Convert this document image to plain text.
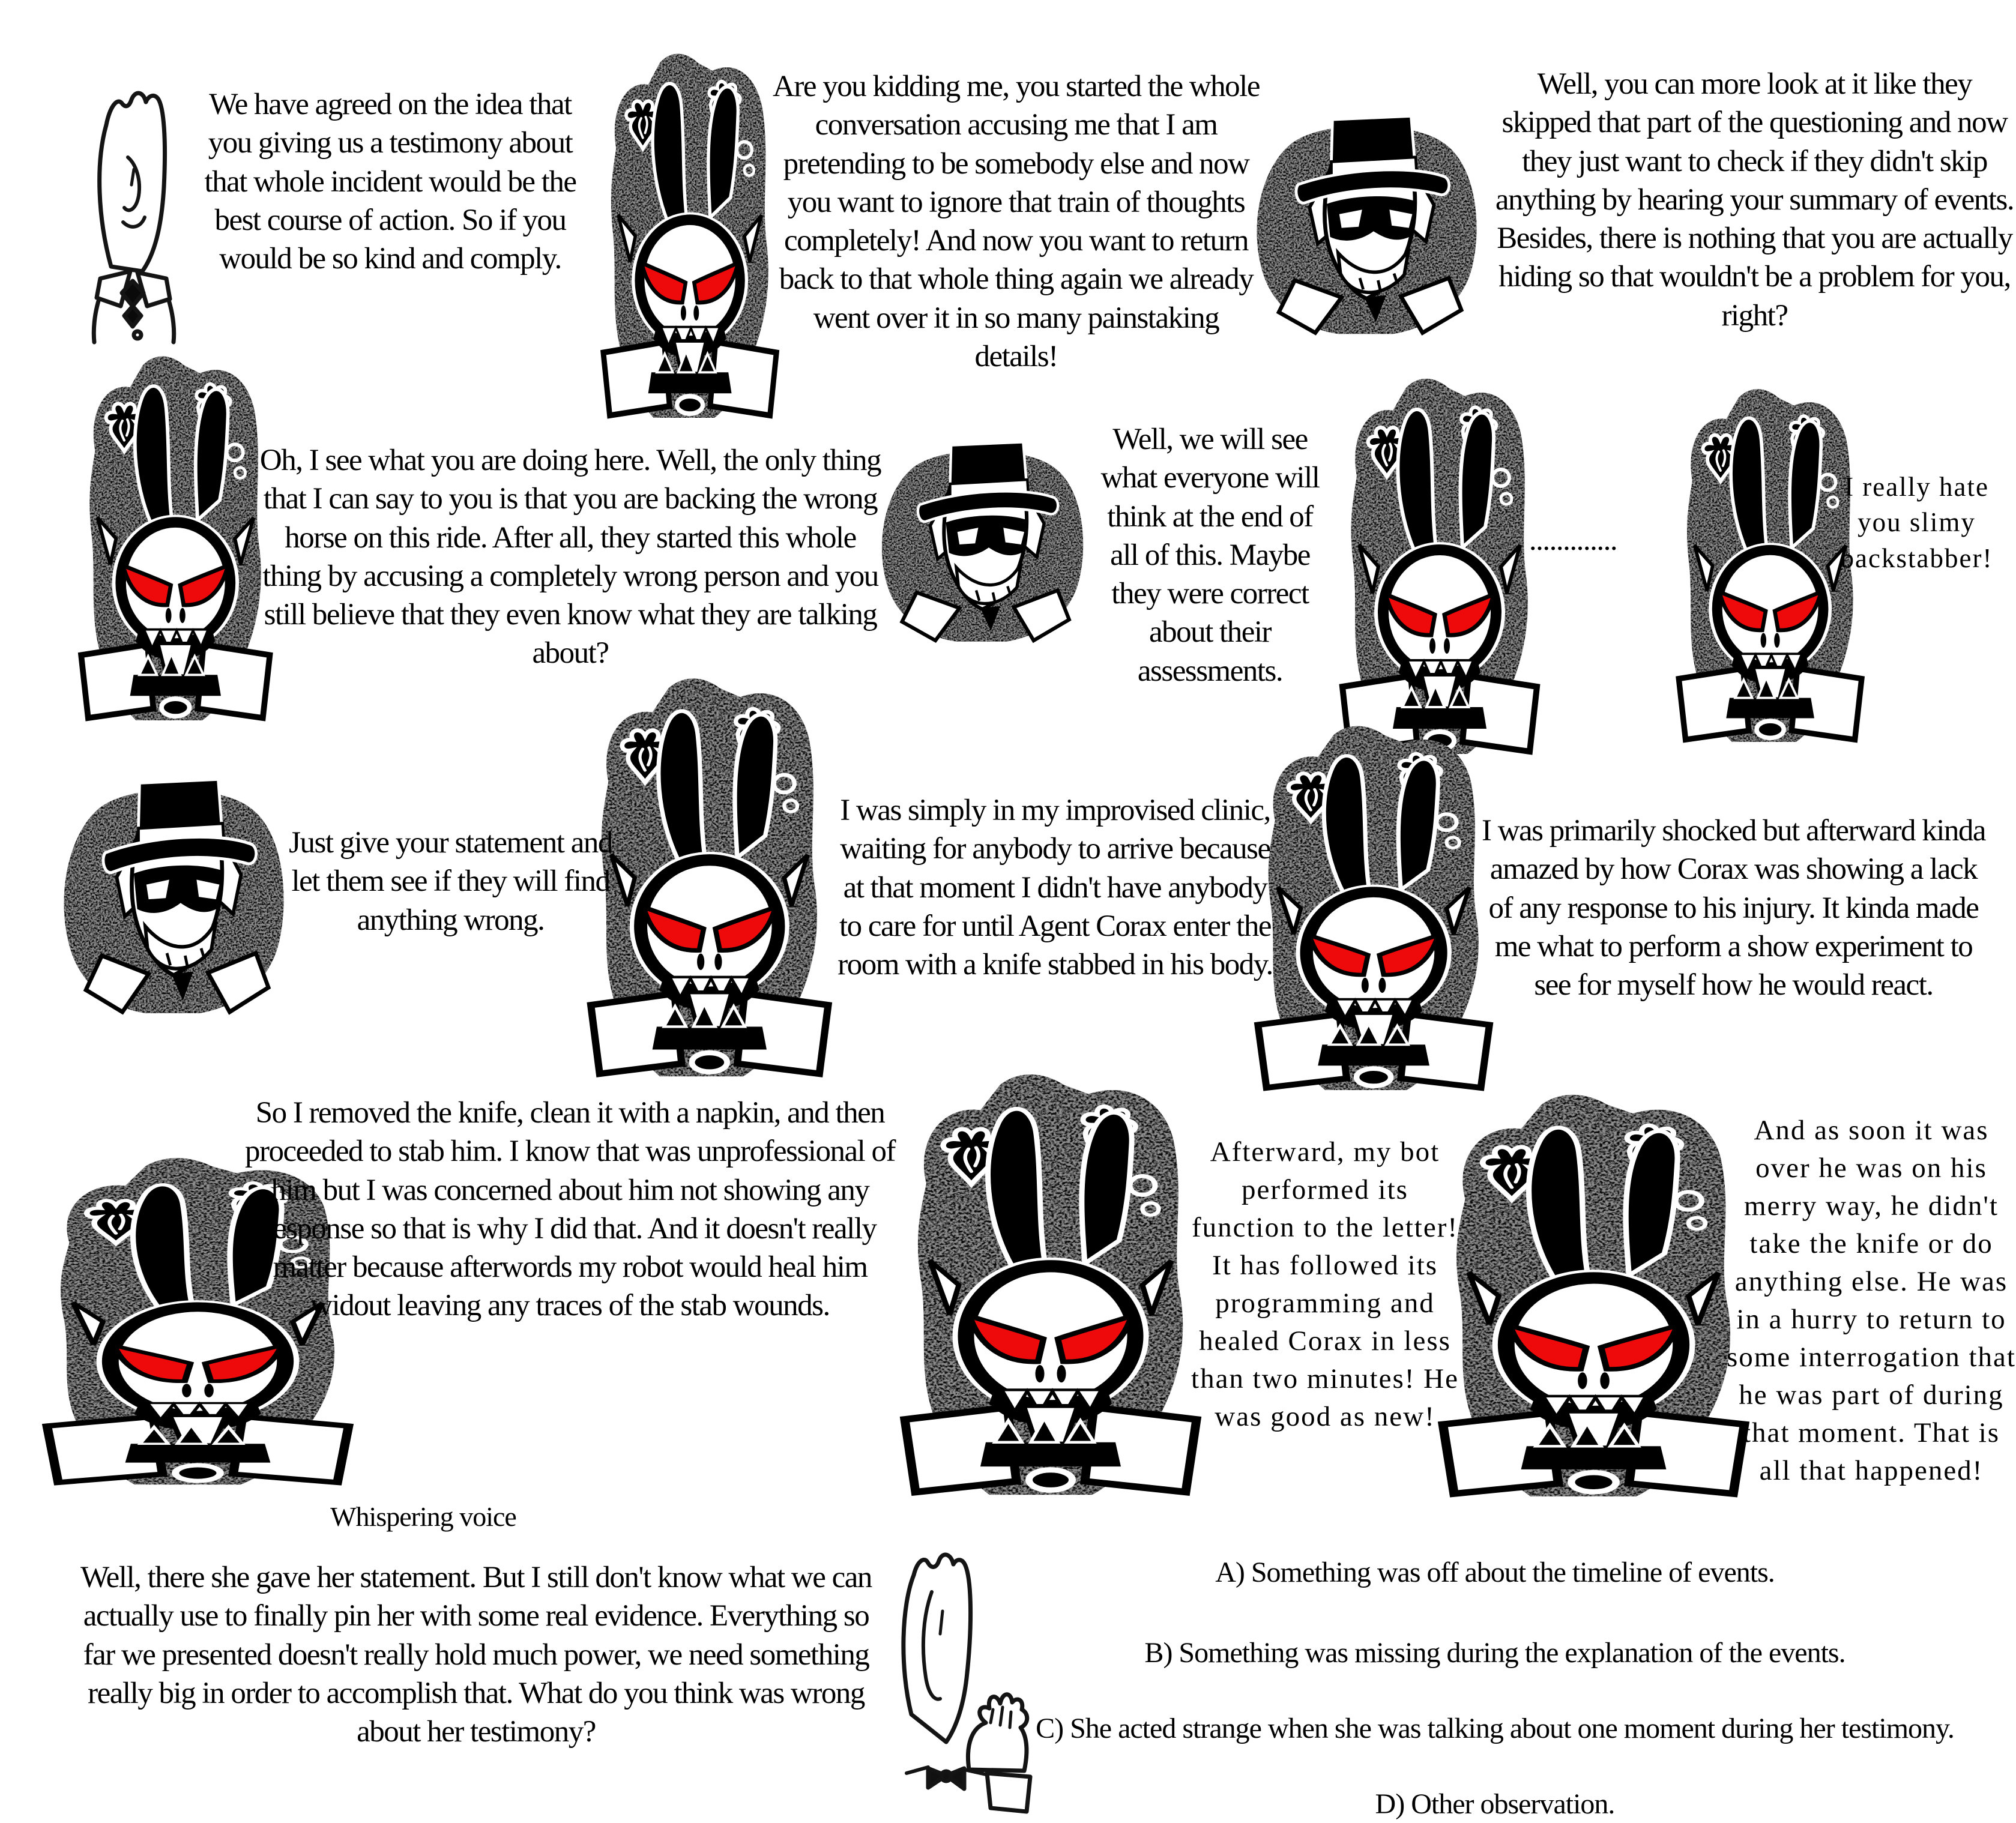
We have agreed on the idea that you giving us a testimony about that whole incident would be the best course of action. So if you would be so kind and comply.
Are you kidding me, you started the whole conversation accusing me that I am pretending to be somebody else and now you want to ignore that train of thoughts completely! And now you want to return back to that whole thing again we already went over it in so many painstaking details!
Well, you can more look at it like they skipped that part of the questioning and now they just want to check if they didn't skip anything by hearing your summary of events. Besides, there is nothing that you are actually hiding so that wouldn't be a problem for you, right?
Oh, I see what you are doing here. Well, the only thing that I can say to you is that you are backing the wrong horse on this ride. After all, they started this whole thing by accusing a completely wrong person and you still believe that they even know what they are talking about?
Well, we will see what everyone will think at the end of all of this. Maybe they were correct about their assessments.
.............
I really hate you slimy backstabber!
Just give your statement and let them see if they will find anything wrong.
I was simply in my improvised clinic, waiting for anybody to arrive because at that moment I didn't have anybody to care for until Agent Corax enter the room with a knife stabbed in his body.
I was primarily shocked but afterward kinda amazed by how Corax was showing a lack of any response to his injury. It kinda made me what to perform a show experiment to see for myself how he would react.
So I removed the knife, clean it with a napkin, and then proceeded to stab him. I know that was unprofessional of him but I was concerned about him not showing any response so that is why I did that. And it doesn't really matter because afterwords my robot would heal him widout leaving any traces of the stab wounds.
Afterward, my bot performed its function to the letter! It has followed its programming and healed Corax in less than two minutes! He was good as new!
And as soon it was over he was on his merry way, he didn't take the knife or do anything else. He was in a hurry to return to some interrogation that he was part of during that moment. That is all that happened!
Whispering voice
Well, there she gave her statement. But I still don't know what we can actually use to finally pin her with some real evidence. Everything so far we presented doesn't really hold much power, we need something really big in order to accomplish that. What do you think was wrong about her testimony?
A) Something was off about the timeline of events.
B) Something was missing during the explanation of the events.
C) She acted strange when she was talking about one moment during her testimony.
D) Other observation.
